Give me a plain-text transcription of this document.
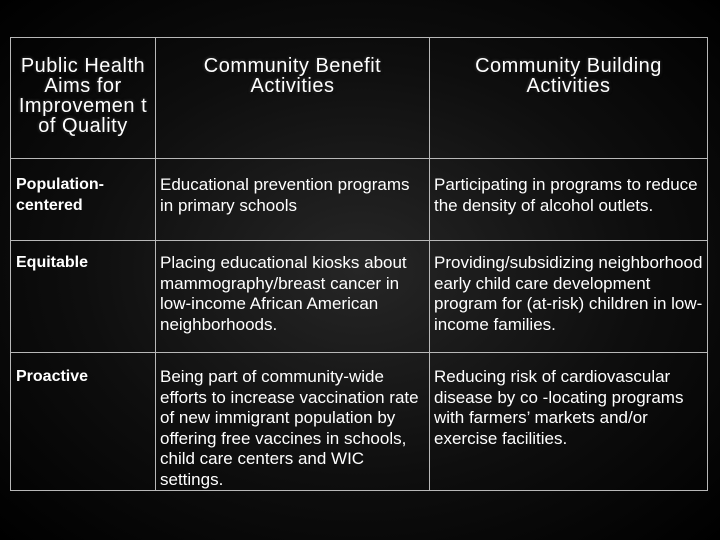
Public Health Aims for Improvemen t of Quality	Community Benefit Activities	Community Building Activities
Population-centered	Educational prevention programs in primary schools	Participating in programs to reduce the density of alcohol outlets.
Equitable	Placing educational kiosks about mammography/breast cancer in low-income African American neighborhoods.	Providing/subsidizing neighborhood early child care development program for (at-risk) children in low-income families.
Proactive	Being part of community-wide efforts to increase vaccination rate of new immigrant population by offering free vaccines in schools, child care centers and WIC settings.	Reducing risk of cardiovascular disease by co -locating programs with farmers’ markets and/or exercise facilities.
